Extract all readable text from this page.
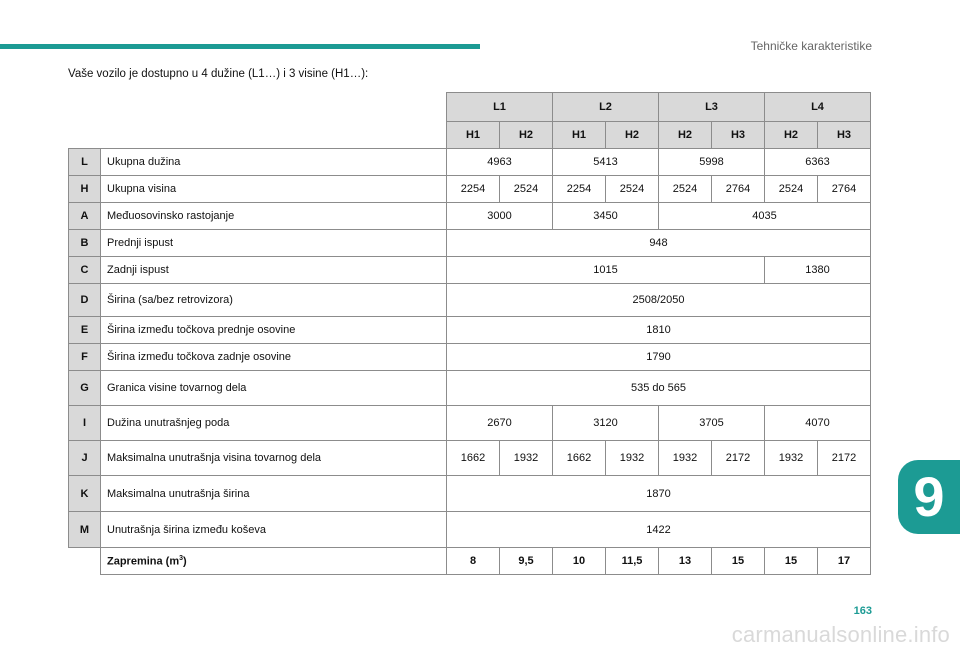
Tehničke karakteristike
Vaše vozilo je dostupno u 4 dužine (L1…) i 3 visine (H1…):
		L1		L2		L3		L4	
		H1	H2	H1	H2	H2	H3	H2	H3
L	Ukupna dužina	4963		5413		5998		6363	
H	Ukupna visina	2254	2524	2254	2524	2524	2764	2524	2764
A	Međuosovinsko rastojanje	3000		3450		4035			
B	Prednji ispust	948							
C	Zadnji ispust	1015						1380	
D	Širina (sa/bez retrovizora)	2508/2050							
E	Širina između točkova prednje osovine	1810							
F	Širina između točkova zadnje osovine	1790							
G	Granica visine tovarnog dela	535 do 565							
I	Dužina unutrašnjeg poda	2670		3120		3705		4070	
J	Maksimalna unutrašnja visina tovarnog dela	1662	1932	1662	1932	1932	2172	1932	2172
K	Maksimalna unutrašnja širina	1870							
M	Unutrašnja širina između koševa	1422							
	Zapremina $(m^3)$	8	9,5	10	11,5	13	15	15	17
9
163
carmanualsonline.info
